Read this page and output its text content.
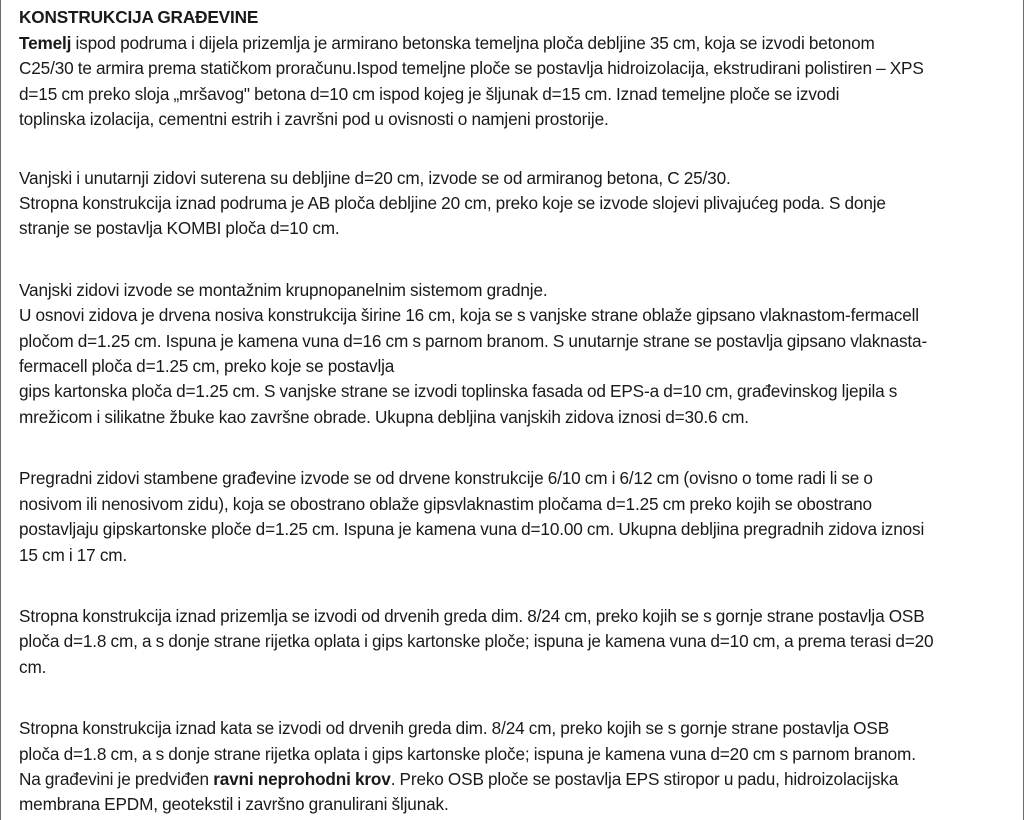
KONSTRUKCIJA GRAĐEVINE
Temelj ispod podruma i dijela prizemlja je armirano betonska temeljna ploča debljine 35 cm, koja se izvodi betonom
C25/30 te armira prema statičkom proračunu.Ispod temeljne ploče se postavlja hidroizolacija, ekstrudirani polistiren – XPS
d=15 cm preko sloja „mršavog" betona d=10 cm ispod kojeg je šljunak d=15 cm. Iznad temeljne ploče se izvodi
toplinska izolacija, cementni estrih i završni pod u ovisnosti o namjeni prostorije.
Vanjski i unutarnji zidovi suterena su debljine d=20 cm, izvode se od armiranog betona, C 25/30.
Stropna konstrukcija iznad podruma je AB ploča debljine 20 cm, preko koje se izvode slojevi plivajućeg poda. S donje
stranje se postavlja KOMBI ploča d=10 cm.
Vanjski zidovi izvode se montažnim krupnopanelnim sistemom gradnje.
U osnovi zidova je drvena nosiva konstrukcija širine 16 cm, koja se s vanjske strane oblaže gipsano vlaknastom-fermacell
pločom d=1.25 cm. Ispuna je kamena vuna d=16 cm s parnom branom. S unutarnje strane se postavlja gipsano vlaknasta-
fermacell ploča d=1.25 cm, preko koje se postavlja
gips kartonska ploča d=1.25 cm. S vanjske strane se izvodi toplinska fasada od EPS-a d=10 cm, građevinskog ljepila s
mrežicom i silikatne žbuke kao završne obrade. Ukupna debljina vanjskih zidova iznosi d=30.6 cm.
Pregradni zidovi stambene građevine izvode se od drvene konstrukcije 6/10 cm i 6/12 cm (ovisno o tome radi li se o
nosivom ili nenosivom zidu), koja se obostrano oblaže gipsvlaknastim pločama d=1.25 cm preko kojih se obostrano
postavljaju gipskartonske ploče d=1.25 cm. Ispuna je kamena vuna d=10.00 cm. Ukupna debljina pregradnih zidova iznosi
15 cm i 17 cm.
Stropna konstrukcija iznad prizemlja se izvodi od drvenih greda dim. 8/24 cm, preko kojih se s gornje strane postavlja OSB
ploča d=1.8 cm, a s donje strane rijetka oplata i gips kartonske ploče; ispuna je kamena vuna d=10 cm, a prema terasi d=20
cm.
Stropna konstrukcija iznad kata se izvodi od drvenih greda dim. 8/24 cm, preko kojih se s gornje strane postavlja OSB
ploča d=1.8 cm, a s donje strane rijetka oplata i gips kartonske ploče; ispuna je kamena vuna d=20 cm s parnom branom.
Na građevini je predviđen ravni neprohodni krov. Preko OSB ploče se postavlja EPS stiropor u padu, hidroizolacijska
membrana EPDM, geotekstil i završno granulirani šljunak.
